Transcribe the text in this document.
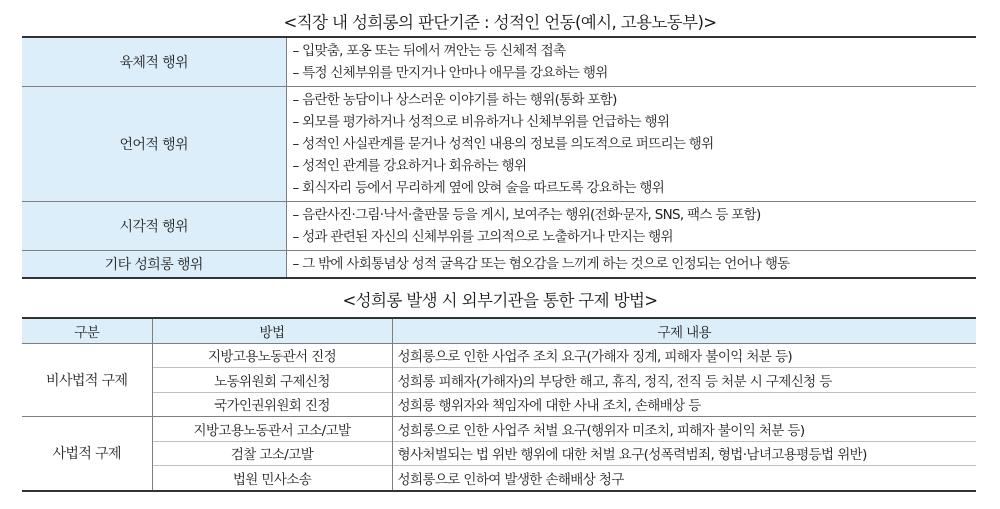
<직장 내 성희롱의 판단기준 : 성적인 언동(예시, 고용노동부)>
육체적 행위	– 입맞춤, 포옹 또는 뒤에서 껴안는 등 신체적 접촉
– 특정 신체부위를 만지거나 안마나 애무를 강요하는 행위

언어적 행위	– 음란한 농담이나 상스러운 이야기를 하는 행위(통화 포함)
– 외모를 평가하거나 성적으로 비유하거나 신체부위를 언급하는 행위
– 성적인 사실관계를 묻거나 성적인 내용의 정보를 의도적으로 퍼뜨리는 행위
– 성적인 관계를 강요하거나 회유하는 행위
– 회식자리 등에서 무리하게 옆에 앉혀 술을 따르도록 강요하는 행위

시각적 행위	– 음란사진·그림·낙서·출판물 등을 게시, 보여주는 행위(전화·문자, SNS, 팩스 등 포함)
– 성과 관련된 자신의 신체부위를 고의적으로 노출하거나 만지는 행위

기타 성희롱 행위	– 그 밖에 사회통념상 성적 굴욕감 또는 혐오감을 느끼게 하는 것으로 인정되는 언어나 행동
<성희롱 발생 시 외부기관을 통한 구제 방법>
구분	방법	구제 내용
비사법적 구제	지방고용노동관서 진정	성희롱으로 인한 사업주 조치 요구(가해자 징계, 피해자 불이익 처분 등)
	노동위원회 구제신청	성희롱 피해자(가해자)의 부당한 해고, 휴직, 정직, 전직 등 처분 시 구제신청 등
	국가인권위원회 진정	성희롱 행위자와 책임자에 대한 사내 조치, 손해배상 등
사법적 구제	지방고용노동관서 고소/고발	성희롱으로 인한 사업주 처벌 요구(행위자 미조치, 피해자 불이익 처분 등)
	검찰 고소/고발	형사처벌되는 법 위반 행위에 대한 처벌 요구(성폭력범죄, 형법·남녀고용평등법 위반)
	법원 민사소송	성희롱으로 인하여 발생한 손해배상 청구
